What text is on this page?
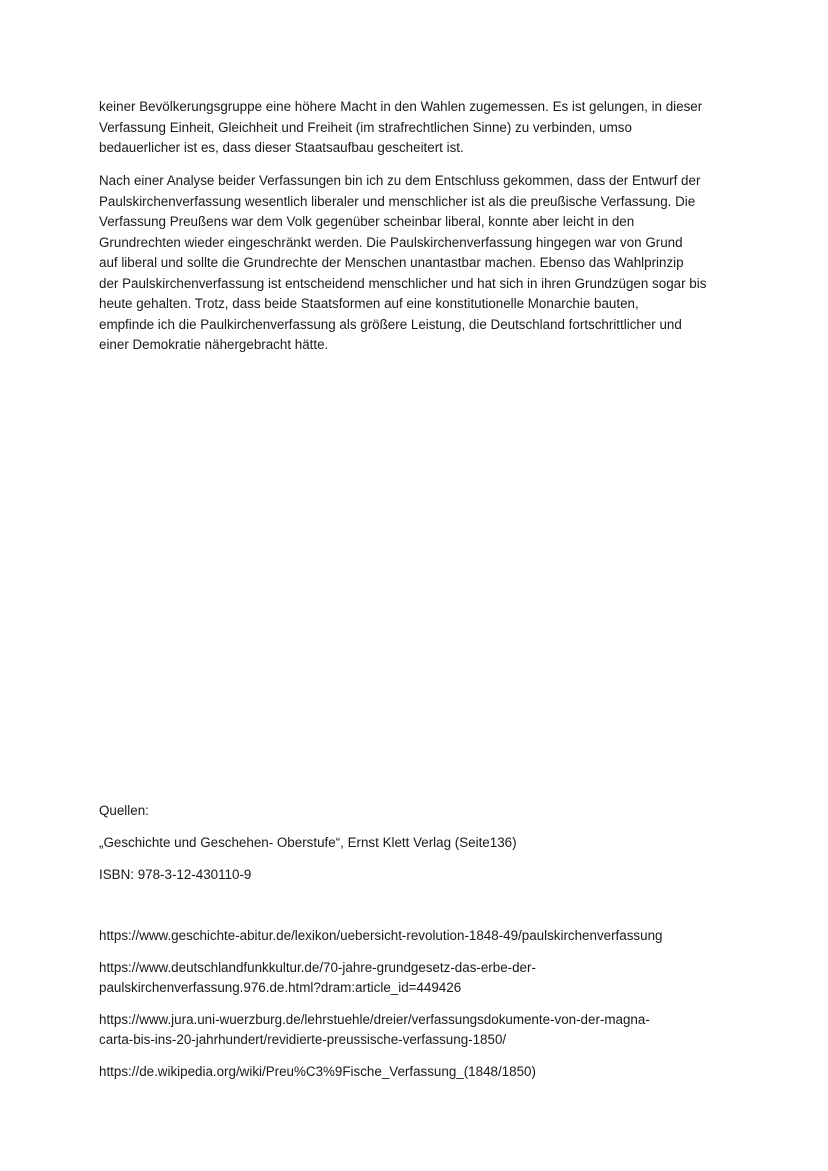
keiner Bevölkerungsgruppe eine höhere Macht in den Wahlen zugemessen. Es ist gelungen, in dieser
Verfassung Einheit, Gleichheit und Freiheit (im strafrechtlichen Sinne) zu verbinden, umso
bedauerlicher ist es, dass dieser Staatsaufbau gescheitert ist.
Nach einer Analyse beider Verfassungen bin ich zu dem Entschluss gekommen, dass der Entwurf der
Paulskirchenverfassung wesentlich liberaler und menschlicher ist als die preußische Verfassung. Die
Verfassung Preußens war dem Volk gegenüber scheinbar liberal, konnte aber leicht in den
Grundrechten wieder eingeschränkt werden. Die Paulskirchenverfassung hingegen war von Grund
auf liberal und sollte die Grundrechte der Menschen unantastbar machen. Ebenso das Wahlprinzip
der Paulskirchenverfassung ist entscheidend menschlicher und hat sich in ihren Grundzügen sogar bis
heute gehalten. Trotz, dass beide Staatsformen auf eine konstitutionelle Monarchie bauten,
empfinde ich die Paulkirchenverfassung als größere Leistung, die Deutschland fortschrittlicher und
einer Demokratie nähergebracht hätte.
Quellen:
„Geschichte und Geschehen- Oberstufe“, Ernst Klett Verlag (Seite136)
ISBN: 978-3-12-430110-9
https://www.geschichte-abitur.de/lexikon/uebersicht-revolution-1848-49/paulskirchenverfassung
https://www.deutschlandfunkkultur.de/70-jahre-grundgesetz-das-erbe-der-
paulskirchenverfassung.976.de.html?dram:article_id=449426
https://www.jura.uni-wuerzburg.de/lehrstuehle/dreier/verfassungsdokumente-von-der-magna-
carta-bis-ins-20-jahrhundert/revidierte-preussische-verfassung-1850/
https://de.wikipedia.org/wiki/Preu%C3%9Fische_Verfassung_(1848/1850)
